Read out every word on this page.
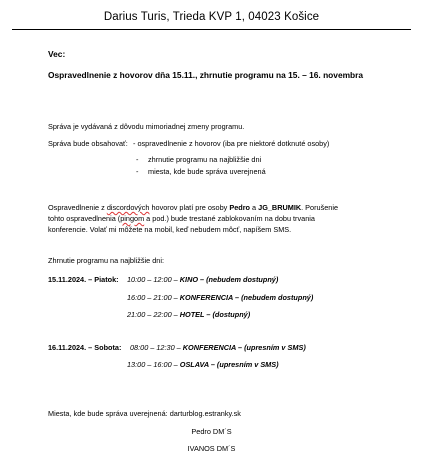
Darius Turis, Trieda KVP 1, 04023 Košice
Vec:
Ospravedlnenie z hovorov dňa 15.11., zhrnutie programu na 15. – 16. novembra
Správa je vydávaná z dôvodu mimoriadnej zmeny programu.
Správa bude obsahovať: - ospravedlnenie z hovorov (iba pre niektoré dotknuté osoby)
- zhrnutie programu na najbližšie dni
- miesta, kde bude správa uverejnená
Ospravedlnenie z discordových hovorov platí pre osoby Pedro a JG_BRUMIK. Porušenie
tohto ospravedlnenia (pingom a pod.) bude trestané zablokovaním na dobu trvania
konferencie. Volať mi môžete na mobil, keď nebudem môcť, napíšem SMS.
Zhrnutie programu na najbližšie dni:
15.11.2024. – Piatok: 10:00 – 12:00 – KINO – (nebudem dostupný)
16:00 – 21:00 – KONFERENCIA – (nebudem dostupný)
21:00 – 22:00 – HOTEL – (dostupný)
16.11.2024. – Sobota: 08:00 – 12:30 – KONFERENCIA – (upresním v SMS)
13:00 – 16:00 – OSLAVA – (upresním v SMS)
Miesta, kde bude správa uverejnená: darturblog.estranky.sk
Pedro DM´S
IVANOS DM´S
